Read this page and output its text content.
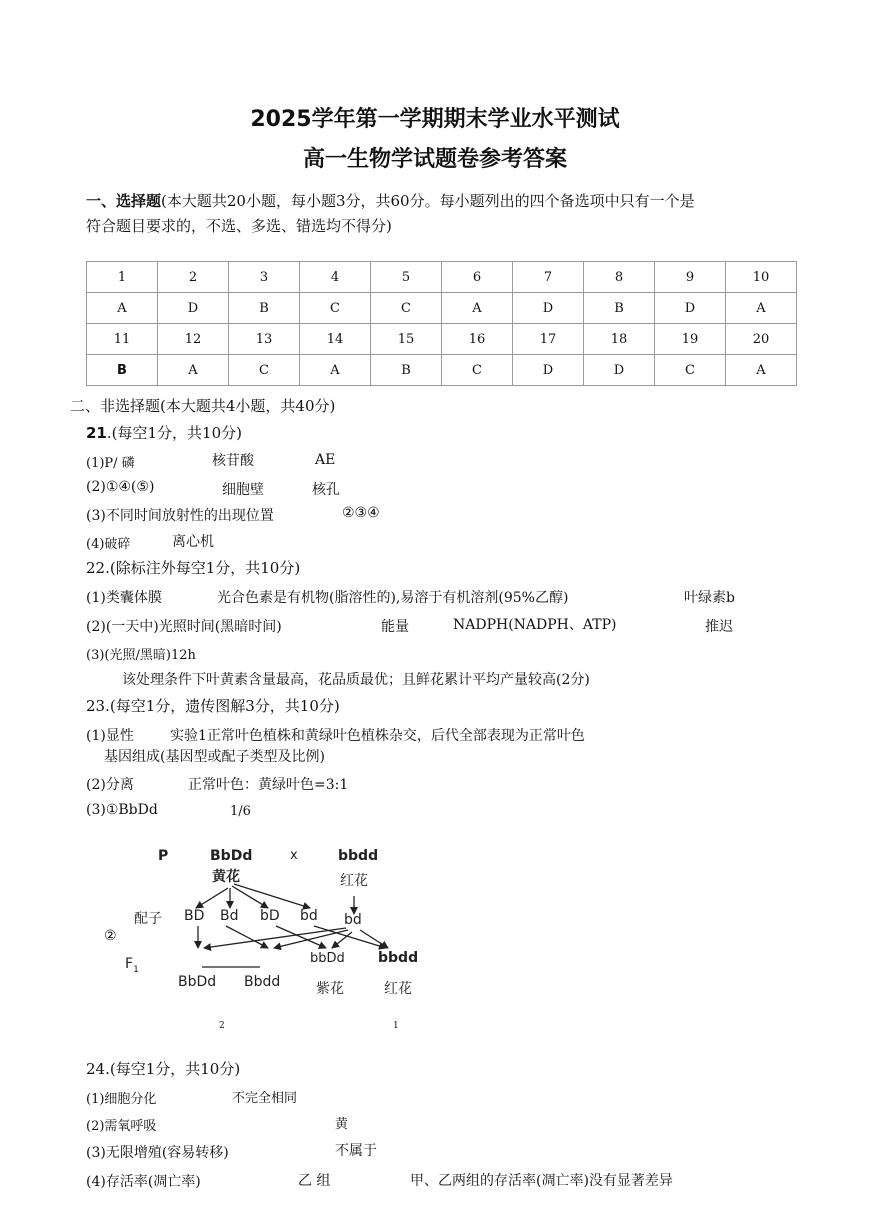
2025学年第一学期期末学业水平测试
高一生物学试题卷参考答案
一、选择题(本大题共20小题，每小题3分，共60分。每小题列出的四个备选项中只有一个是
符合题目要求的，不选、多选、错选均不得分)
1	2	3	4	5	6	7	8	9	10
A	D	B	C	C	A	D	B	D	A
11	12	13	14	15	16	17	18	19	20
B	A	C	A	B	C	D	D	C	A
二、非选择题(本大题共4小题，共40分)
21.(每空1分，共10分)
(1)P/ 磷	核苷酸	AE
(2)①④(⑤)	细胞壁	核孔
(3)不同时间放射性的出现位置	②③④
(4)破碎	离心机
22.(除标注外每空1分，共10分)
(1)类囊体膜	光合色素是有机物(脂溶性的),易溶于有机溶剂(95%乙醇)	叶绿素b
(2)(一天中)光照时间(黑暗时间)	能量	NADPH(NADPH、ATP)	推迟
(3)(光照/黑暗)12h
该处理条件下叶黄素含量最高，花品质最优；且鲜花累计平均产量较高(2分)
23.(每空1分，遗传图解3分，共10分)
(1)显性	实验1正常叶色植株和黄绿叶色植株杂交，后代全部表现为正常叶色
基因组成(基因型或配子类型及比例)
(2)分离	正常叶色：黄绿叶色=3:1
(3)①BbDd	1/6
②
P	BbDd	x	bbdd
黄花	红花
配子 BD Bd bD bd bd
$F_1$
BbDd Bbdd
bbDd bbdd
紫花	红花
2	1
24.(每空1分，共10分)
(1)细胞分化	不完全相同
(2)需氧呼吸	黄
(3)无限增殖(容易转移)	不属于
(4)存活率(凋亡率)	乙 组	甲、乙两组的存活率(凋亡率)没有显著差异
